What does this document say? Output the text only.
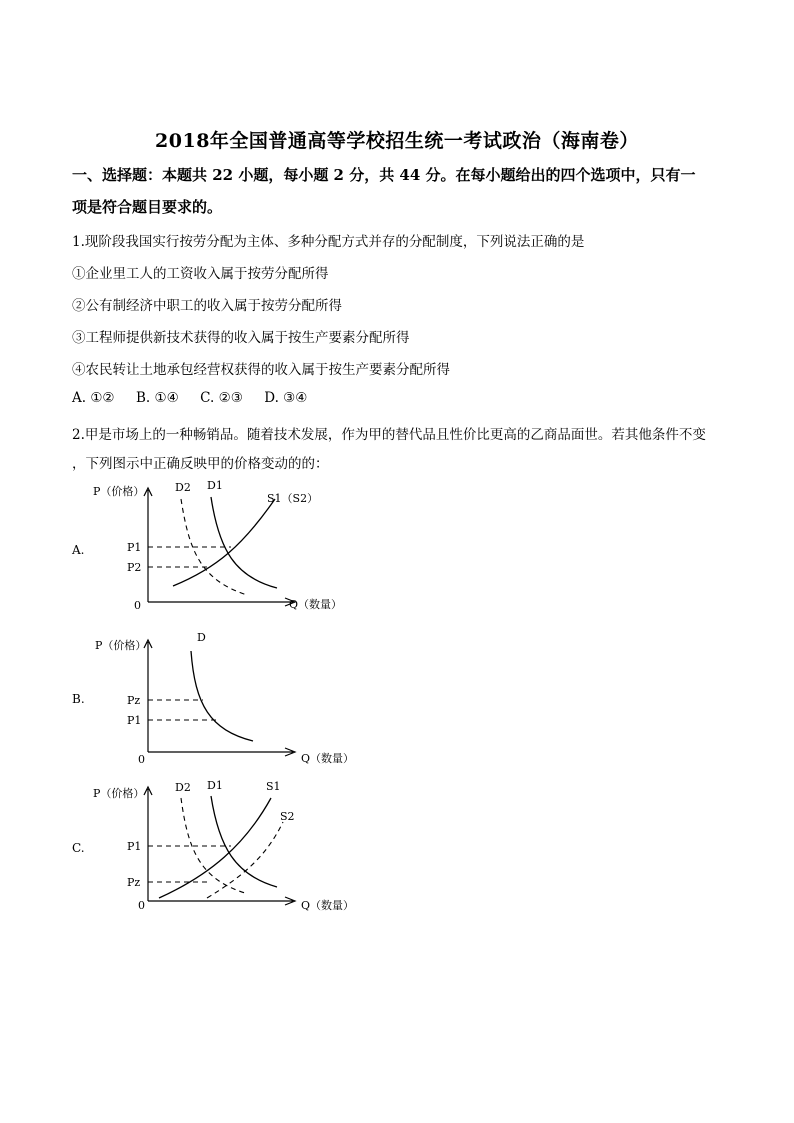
2018年全国普通高等学校招生统一考试政治（海南卷）
一、选择题：本题共 22 小题，每小题 2 分，共 44 分。在每小题给出的四个选项中，只有一
项是符合题目要求的。
1.现阶段我国实行按劳分配为主体、多种分配方式并存的分配制度，下列说法正确的是
①企业里工人的工资收入属于按劳分配所得
②公有制经济中职工的收入属于按劳分配所得
③工程师提供新技术获得的收入属于按生产要素分配所得
④农民转让土地承包经营权获得的收入属于按生产要素分配所得
A. ①②     B. ①④     C. ②③     D. ③④
2.甲是市场上的一种畅销品。随着技术发展，作为甲的替代品且性价比更高的乙商品面世。若其他条件不变
，下列图示中正确反映甲的价格变动的的：
A.
P（价格）
Q（数量）
0
D2 D1
S1（S2）
P1
P2
B.
P（价格）
Q（数量）
0
D
Pz
P1
C.
P（价格）
Q（数量）
0
D2 D1	S1
S2
P1
Pz
